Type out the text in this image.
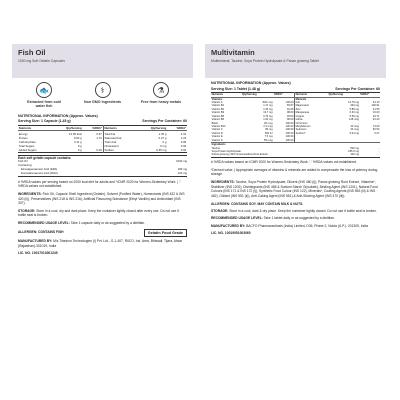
Fish Oil
1000 mg Soft Gelatin Capsules
🐟
Extracted from cold water fish
⚕
Non GMO Ingredients
⚗
Free from heavy metals
NUTRITIONAL INFORMATION (Approx. Values)
Serving Size: 1 Capsule (1.45 g)	Servings Per Container: 60
Nutrients	Qty/Serving	%RDA*	Nutrients	Qty/Serving	%RDA*
Energy	13.05 kcal	0.67	Total Fat	1.35 g	2.31
Protein	0.92 g	1.72	Saturated Fat	0.27 g	1.23
Carbohydrate	0.11 g	-	Trans Fat	0 g	0.00
Total Sugars	0 g	-	Cholesterol	0 mg	0.00
Added Sugars	0 g	0.00	Sodium	0.35 mg	0.02
Each soft gelatin capsule contains:
Fish Oil	1000 mg
Containing:
Eicosapentaenoic Acid (EPA)	180 mg
Docosahexaenoic Acid (DHA)	120 mg
# %RDA values per serving based on 2000 kcal diet for adults and *ICMR 2020 for Women-Sedentary Work. | '-' %RDA values not established.
INGREDIENTS: Fish Oil, Capsule Shell Ingredient (Gelatin), Solvent (Purified Water), Humectants (INS 422 & INS 420 (ii)), Preservatives (INS 218 & INS 216), Artificial Flavouring Substance (Ethyl Vanillin) and Antioxidant (INS 307).
STORAGE: Store in a cool, dry and dark place. Keep the container tightly closed after every use. Do not use if bottle seal is broken.
RECOMMENDED USAGE LEVEL: Take 1 capsule daily or as suggested by a dietitian.
ALLERGEN: CONTAINS FISH	Gelatin Food Grade
MANUFACTURED BY: M/s Titanium Technologies (I) Pvt. Ltd., G-1-407, RIICO, Ind. Area, Bhiwadi, Tijara, Alwar (Rajasthan)-301019, India
LIC. NO. 10017013001245
Multivitamin
Multimineral, Taurine, Soya Protein Hydrolysate & Panax ginseng Tablet
NUTRITIONAL INFORMATION (Approx. Values)
Serving Size: 1 Tablet (1.48 g)	Servings Per Container: 60
Nutrients	Qty/Serving	%RDA*	Nutrients	Qty/Serving	%RDA*
Vitamins			Minerals		
Vitamin A	840 mcg	100.00	Iron	12.79 mg	44.10
Vitamin B1	1.17 mg	83.57	Magnesium	333 mg	100.91
Vitamin B2	1.46 mg	91.25	Zinc	5.89 mg	41.55
Vitamin B3	13.7 mg	98.00	Manganese	0.63 mg	16.00
Vitamin B5	0.76 mg	18.00	Copper	0.59 mg	34.71
Vitamin B6	1.92 mg	96.00	Iodine	128 mcg	91.43
Biotin	40 mcg	100.00	Chromium	-	-
Vitamin B12	2.1 mcg	100.00	Molybdenum	33 mcg	73.00
Vitamin C	80 mg	100.00	Selenium	33 mcg	82.50
Vitamin D	600 IU	100.00	Sodium*	5.44 mg	0.27
Vitamin E	7.5 mg	100.00			
Vitamin K	55 mcg	100.00			
Ingredients					
Taurine				500 mg	-
Soya Protein Hydrolysate				186.5 mg	-
Panax ginseng (10% Ginsenosides) Root Extract				100 mg	-
# %RDA values based on ICMR 2020 for Women-Sedentary Work. '-' %RDA values not established.
*Derived value. | Appropriate overages of vitamins & minerals are added to compensate the loss of potency during storage.
INGREDIENTS: Taurine, Soya Protein Hydrolysate, Diluent (INS 460 (i)), Panax ginseng Root Extract, Vitamins*, Stabilizer (INS 1202), Disintegrants (INS 468 & Sodium Starch Glycolate), Binding Agent (INS 1201), Natural Food Colours (INS 171 & INS 172 (i)), Synthetic Food Colour (INS 122), Minerals*, Coating Agents (INS 553 (iii) & INS 462), Glidant (INS 551 (ii)), Anti-Caking Agent (INS 551) & Anti-Sticking Agent (INS 470 (iii)).
ALLERGEN: CONTAINS SOY. MAY CONTAIN MILK & NUTS.
STORAGE: Store in a cool, dark & dry place. Keep the container tightly closed. Do not use if bottle seal is broken.
RECOMMENDED USAGE LEVEL: Take 1 tablet daily or as suggested by a dietitian.
MANUFACTURED BY: BACFO Pharmaceuticals (India) Limited, D36, Phase 2, Noida (U.P.)- 201305, India
LIC. NO. 10019051003060
